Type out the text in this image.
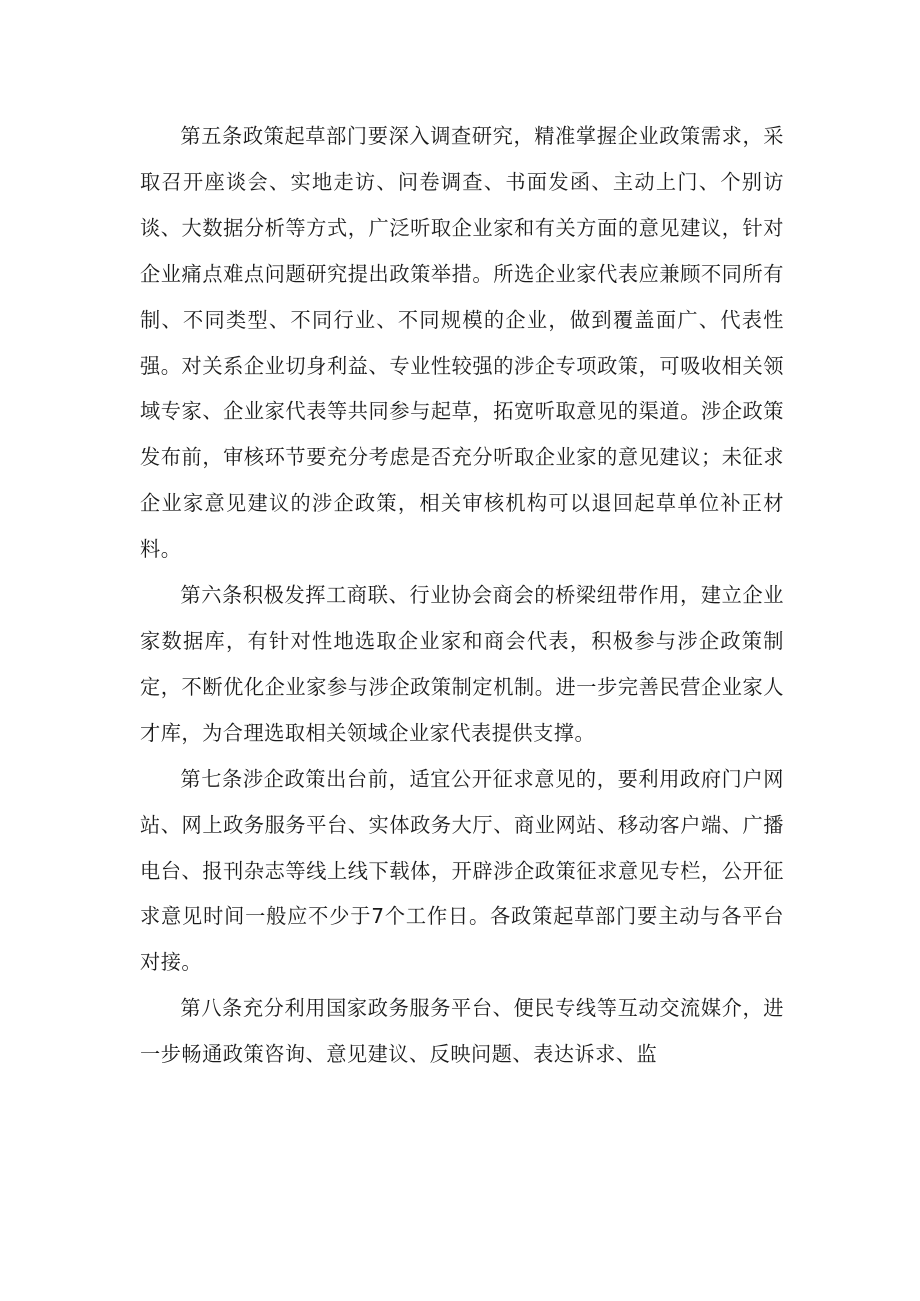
第五条政策起草部门要深入调查研究，精准掌握企业政策需求，采取召开座谈会、实地走访、问卷调查、书面发函、主动上门、个别访谈、大数据分析等方式，广泛听取企业家和有关方面的意见建议，针对企业痛点难点问题研究提出政策举措。所选企业家代表应兼顾不同所有制、不同类型、不同行业、不同规模的企业，做到覆盖面广、代表性强。对关系企业切身利益、专业性较强的涉企专项政策，可吸收相关领域专家、企业家代表等共同参与起草，拓宽听取意见的渠道。涉企政策发布前，审核环节要充分考虑是否充分听取企业家的意见建议；未征求企业家意见建议的涉企政策，相关审核机构可以退回起草单位补正材料。

第六条积极发挥工商联、行业协会商会的桥梁纽带作用，建立企业家数据库，有针对性地选取企业家和商会代表，积极参与涉企政策制定，不断优化企业家参与涉企政策制定机制。进一步完善民营企业家人才库，为合理选取相关领域企业家代表提供支撑。

第七条涉企政策出台前，适宜公开征求意见的，要利用政府门户网站、网上政务服务平台、实体政务大厅、商业网站、移动客户端、广播电台、报刊杂志等线上线下载体，开辟涉企政策征求意见专栏，公开征求意见时间一般应不少于7个工作日。各政策起草部门要主动与各平台对接。

第八条充分利用国家政务服务平台、便民专线等互动交流媒介，进一步畅通政策咨询、意见建议、反映问题、表达诉求、监
